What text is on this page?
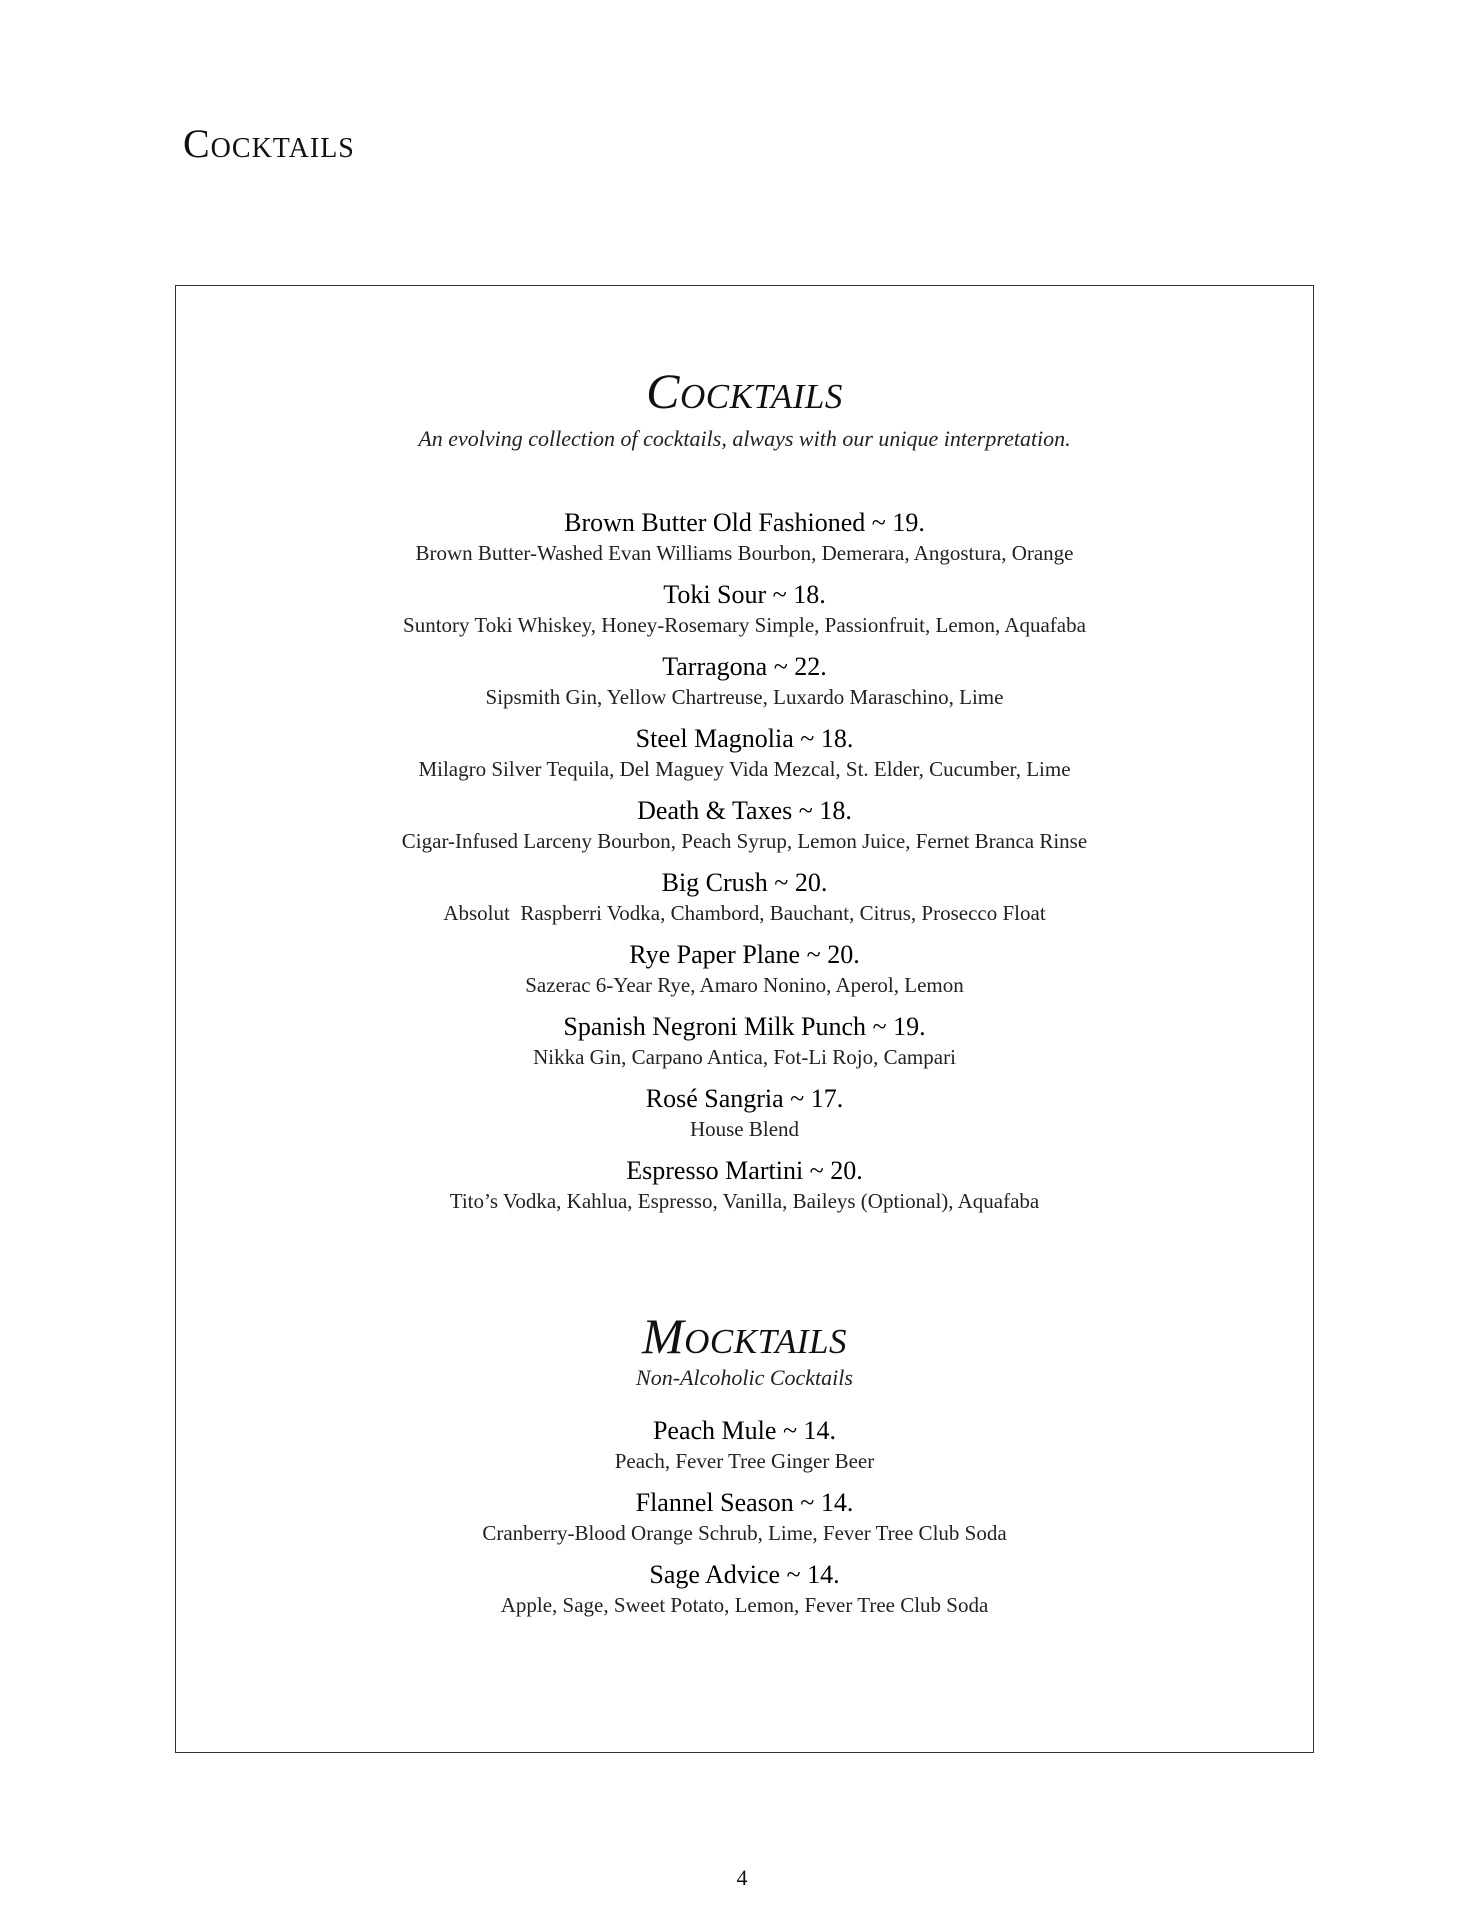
Cocktails
Cocktails

An evolving collection of cocktails, always with our unique interpretation.

Brown Butter Old Fashioned ~ 19.

Brown Butter-Washed Evan Williams Bourbon, Demerara, Angostura, Orange

Toki Sour ~ 18.

Suntory Toki Whiskey, Honey-Rosemary Simple, Passionfruit, Lemon, Aquafaba

Tarragona ~ 22.

Sipsmith Gin, Yellow Chartreuse, Luxardo Maraschino, Lime

Steel Magnolia ~ 18.

Milagro Silver Tequila, Del Maguey Vida Mezcal, St. Elder, Cucumber, Lime

Death & Taxes ~ 18.

Cigar-Infused Larceny Bourbon, Peach Syrup, Lemon Juice, Fernet Branca Rinse

Big Crush ~ 20.

Absolut  Raspberri Vodka, Chambord, Bauchant, Citrus, Prosecco Float

Rye Paper Plane ~ 20.

Sazerac 6-Year Rye, Amaro Nonino, Aperol, Lemon

Spanish Negroni Milk Punch ~ 19.

Nikka Gin, Carpano Antica, Fot-Li Rojo, Campari

Rosé Sangria ~ 17.

House Blend

Espresso Martini ~ 20.

Tito’s Vodka, Kahlua, Espresso, Vanilla, Baileys (Optional), Aquafaba

Mocktails

Non-Alcoholic Cocktails

Peach Mule ~ 14.

Peach, Fever Tree Ginger Beer

Flannel Season ~ 14.

Cranberry-Blood Orange Schrub, Lime, Fever Tree Club Soda

Sage Advice ~ 14.

Apple, Sage, Sweet Potato, Lemon, Fever Tree Club Soda

4
